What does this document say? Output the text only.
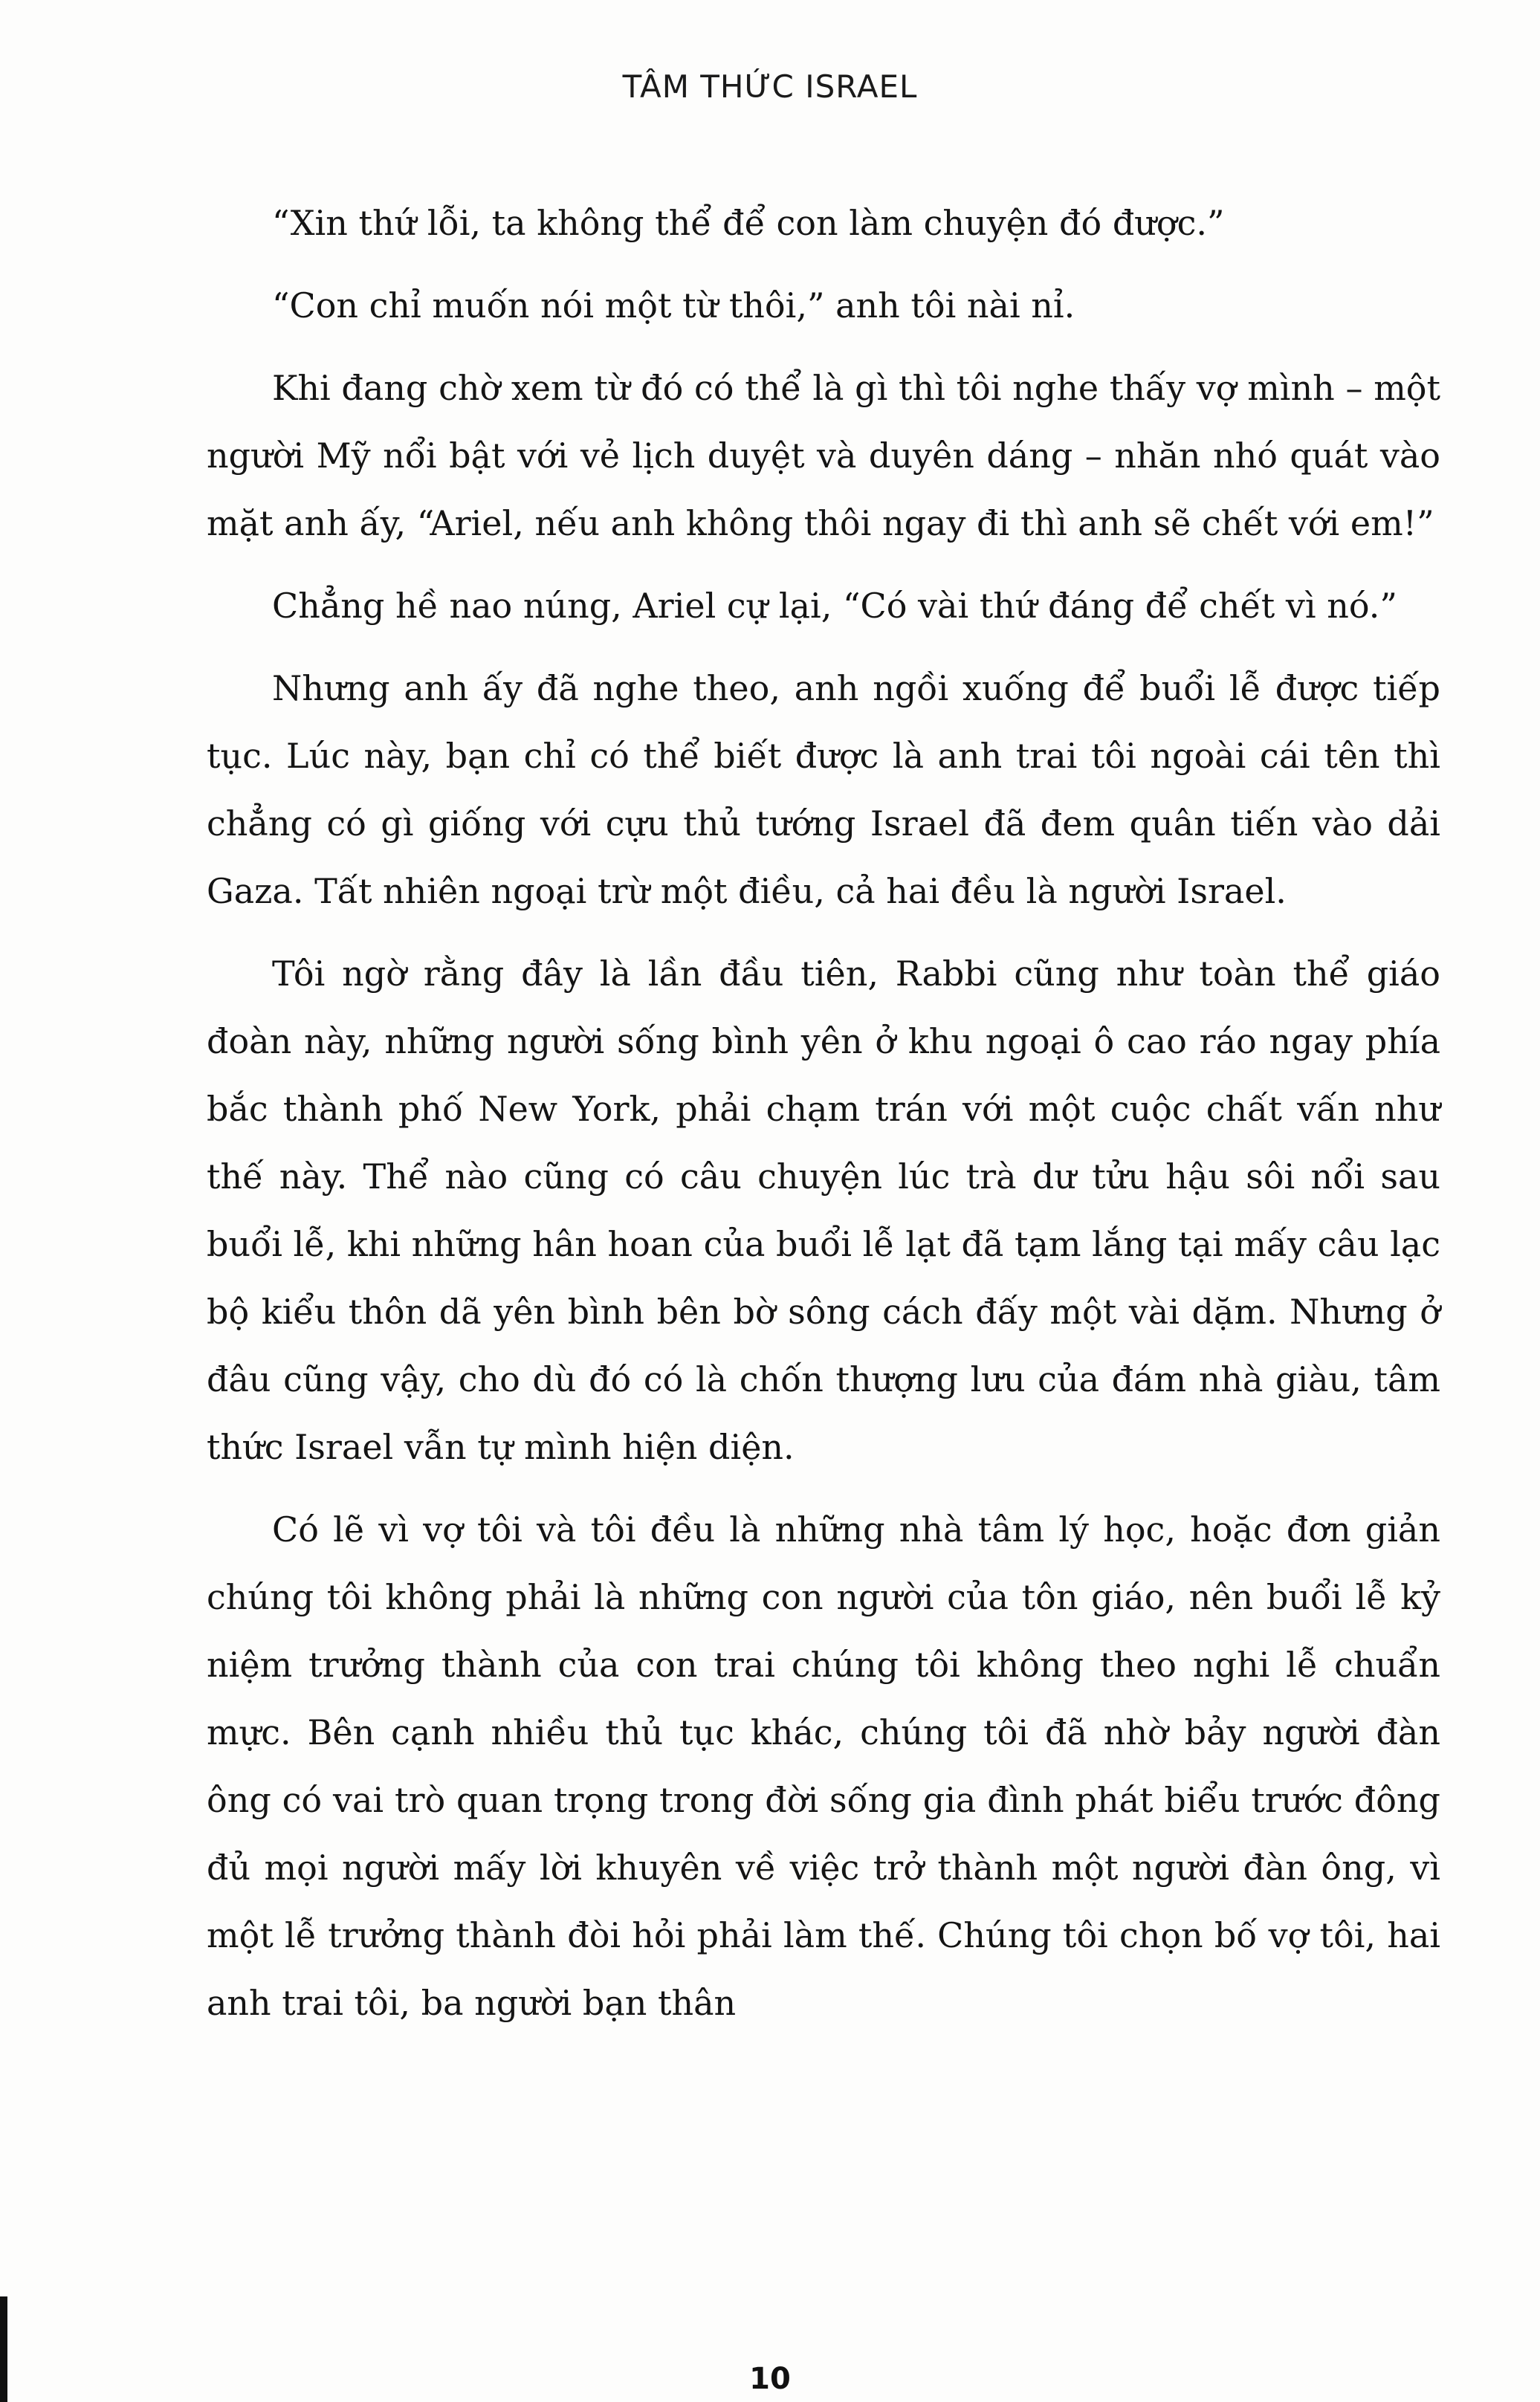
TÂM THỨC ISRAEL

“Xin thứ lỗi, ta không thể để con làm chuyện đó được.”

“Con chỉ muốn nói một từ thôi,” anh tôi nài nỉ.

Khi đang chờ xem từ đó có thể là gì thì tôi nghe thấy vợ mình – một người Mỹ nổi bật với vẻ lịch duyệt và duyên dáng – nhăn nhó quát vào mặt anh ấy, “Ariel, nếu anh không thôi ngay đi thì anh sẽ chết với em!”

Chẳng hề nao núng, Ariel cự lại, “Có vài thứ đáng để chết vì nó.”

Nhưng anh ấy đã nghe theo, anh ngồi xuống để buổi lễ được tiếp tục. Lúc này, bạn chỉ có thể biết được là anh trai tôi ngoài cái tên thì chẳng có gì giống với cựu thủ tướng Israel đã đem quân tiến vào dải Gaza. Tất nhiên ngoại trừ một điều, cả hai đều là người Israel.

Tôi ngờ rằng đây là lần đầu tiên, Rabbi cũng như toàn thể giáo đoàn này, những người sống bình yên ở khu ngoại ô cao ráo ngay phía bắc thành phố New York, phải chạm trán với một cuộc chất vấn như thế này. Thể nào cũng có câu chuyện lúc trà dư tửu hậu sôi nổi sau buổi lễ, khi những hân hoan của buổi lễ lạt đã tạm lắng tại mấy câu lạc bộ kiểu thôn dã yên bình bên bờ sông cách đấy một vài dặm. Nhưng ở đâu cũng vậy, cho dù đó có là chốn thượng lưu của đám nhà giàu, tâm thức Israel vẫn tự mình hiện diện.

Có lẽ vì vợ tôi và tôi đều là những nhà tâm lý học, hoặc đơn giản chúng tôi không phải là những con người của tôn giáo, nên buổi lễ kỷ niệm trưởng thành của con trai chúng tôi không theo nghi lễ chuẩn mực. Bên cạnh nhiều thủ tục khác, chúng tôi đã nhờ bảy người đàn ông có vai trò quan trọng trong đời sống gia đình phát biểu trước đông đủ mọi người mấy lời khuyên về việc trở thành một người đàn ông, vì một lễ trưởng thành đòi hỏi phải làm thế. Chúng tôi chọn bố vợ tôi, hai anh trai tôi, ba người bạn thân

10
